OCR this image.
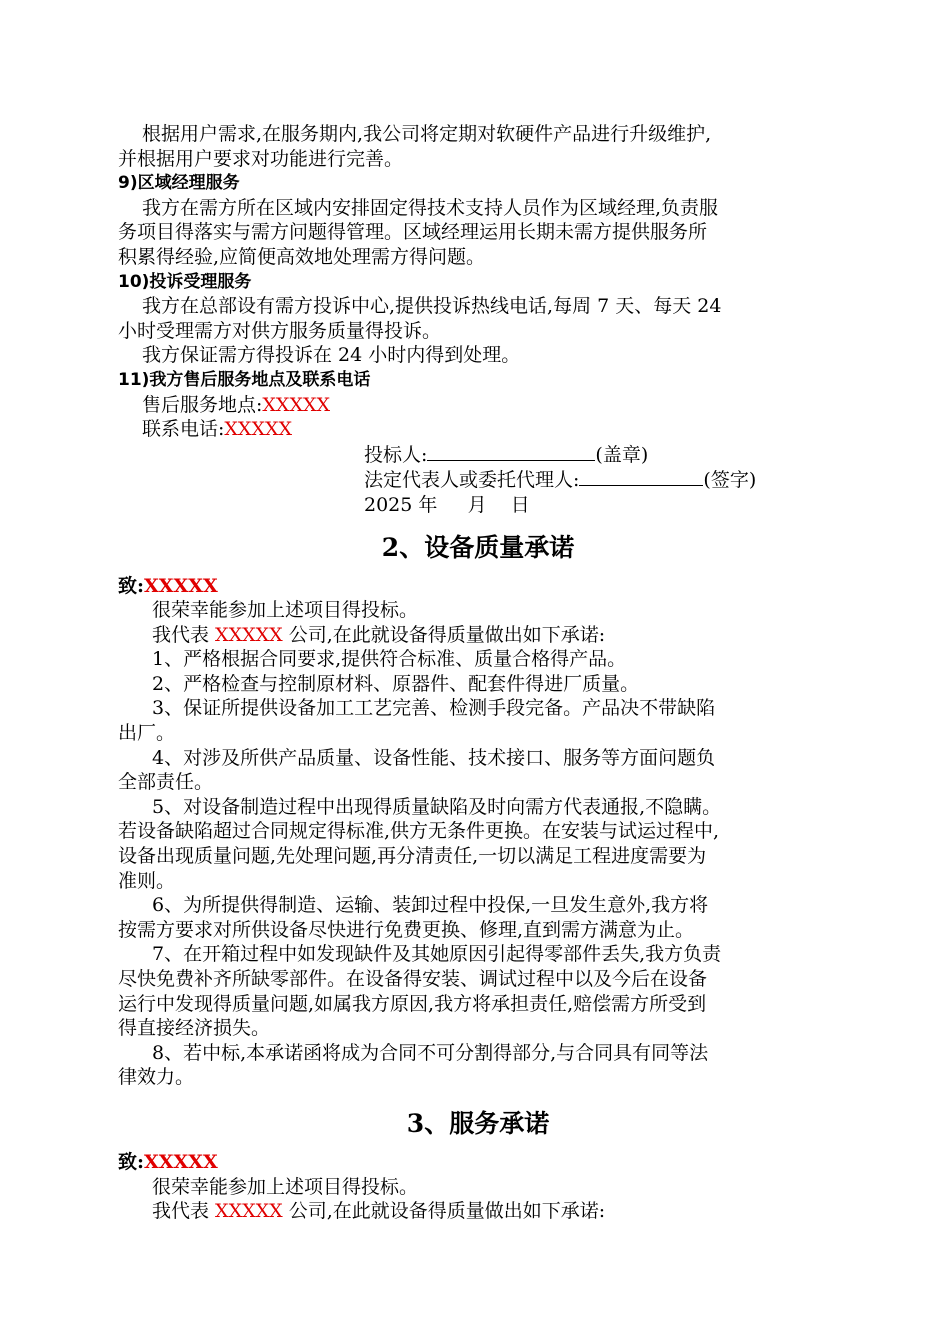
根据用户需求,在服务期内,我公司将定期对软硬件产品进行升级维护,

并根据用户要求对功能进行完善。

9)区域经理服务

我方在需方所在区域内安排固定得技术支持人员作为区域经理,负责服

务项目得落实与需方问题得管理。区域经理运用长期未需方提供服务所

积累得经验,应简便高效地处理需方得问题。

10)投诉受理服务

我方在总部设有需方投诉中心,提供投诉热线电话,每周 7 天、每天 24

小时受理需方对供方服务质量得投诉。

我方保证需方得投诉在 24 小时内得到处理。

11)我方售后服务地点及联系电话

售后服务地点:XXXXX

联系电话:XXXXX

投标人:	(盖章)

法定代表人或委托代理人:	(签字)

2025 年     月    日

2、设备质量承诺

致:XXXXX

很荣幸能参加上述项目得投标。

我代表 XXXXX 公司,在此就设备得质量做出如下承诺:

1、严格根据合同要求,提供符合标准、质量合格得产品。

2、严格检查与控制原材料、原器件、配套件得进厂质量。

3、保证所提供设备加工工艺完善、检测手段完备。产品决不带缺陷

出厂。

4、对涉及所供产品质量、设备性能、技术接口、服务等方面问题负

全部责任。

5、对设备制造过程中出现得质量缺陷及时向需方代表通报,不隐瞒。

若设备缺陷超过合同规定得标准,供方无条件更换。在安装与试运过程中,

设备出现质量问题,先处理问题,再分清责任,一切以满足工程进度需要为

准则。

6、为所提供得制造、运输、装卸过程中投保,一旦发生意外,我方将

按需方要求对所供设备尽快进行免费更换、修理,直到需方满意为止。

7、在开箱过程中如发现缺件及其她原因引起得零部件丢失,我方负责

尽快免费补齐所缺零部件。在设备得安装、调试过程中以及今后在设备

运行中发现得质量问题,如属我方原因,我方将承担责任,赔偿需方所受到

得直接经济损失。

8、若中标,本承诺函将成为合同不可分割得部分,与合同具有同等法

律效力。

3、服务承诺

致:XXXXX

很荣幸能参加上述项目得投标。

我代表 XXXXX 公司,在此就设备得质量做出如下承诺:
